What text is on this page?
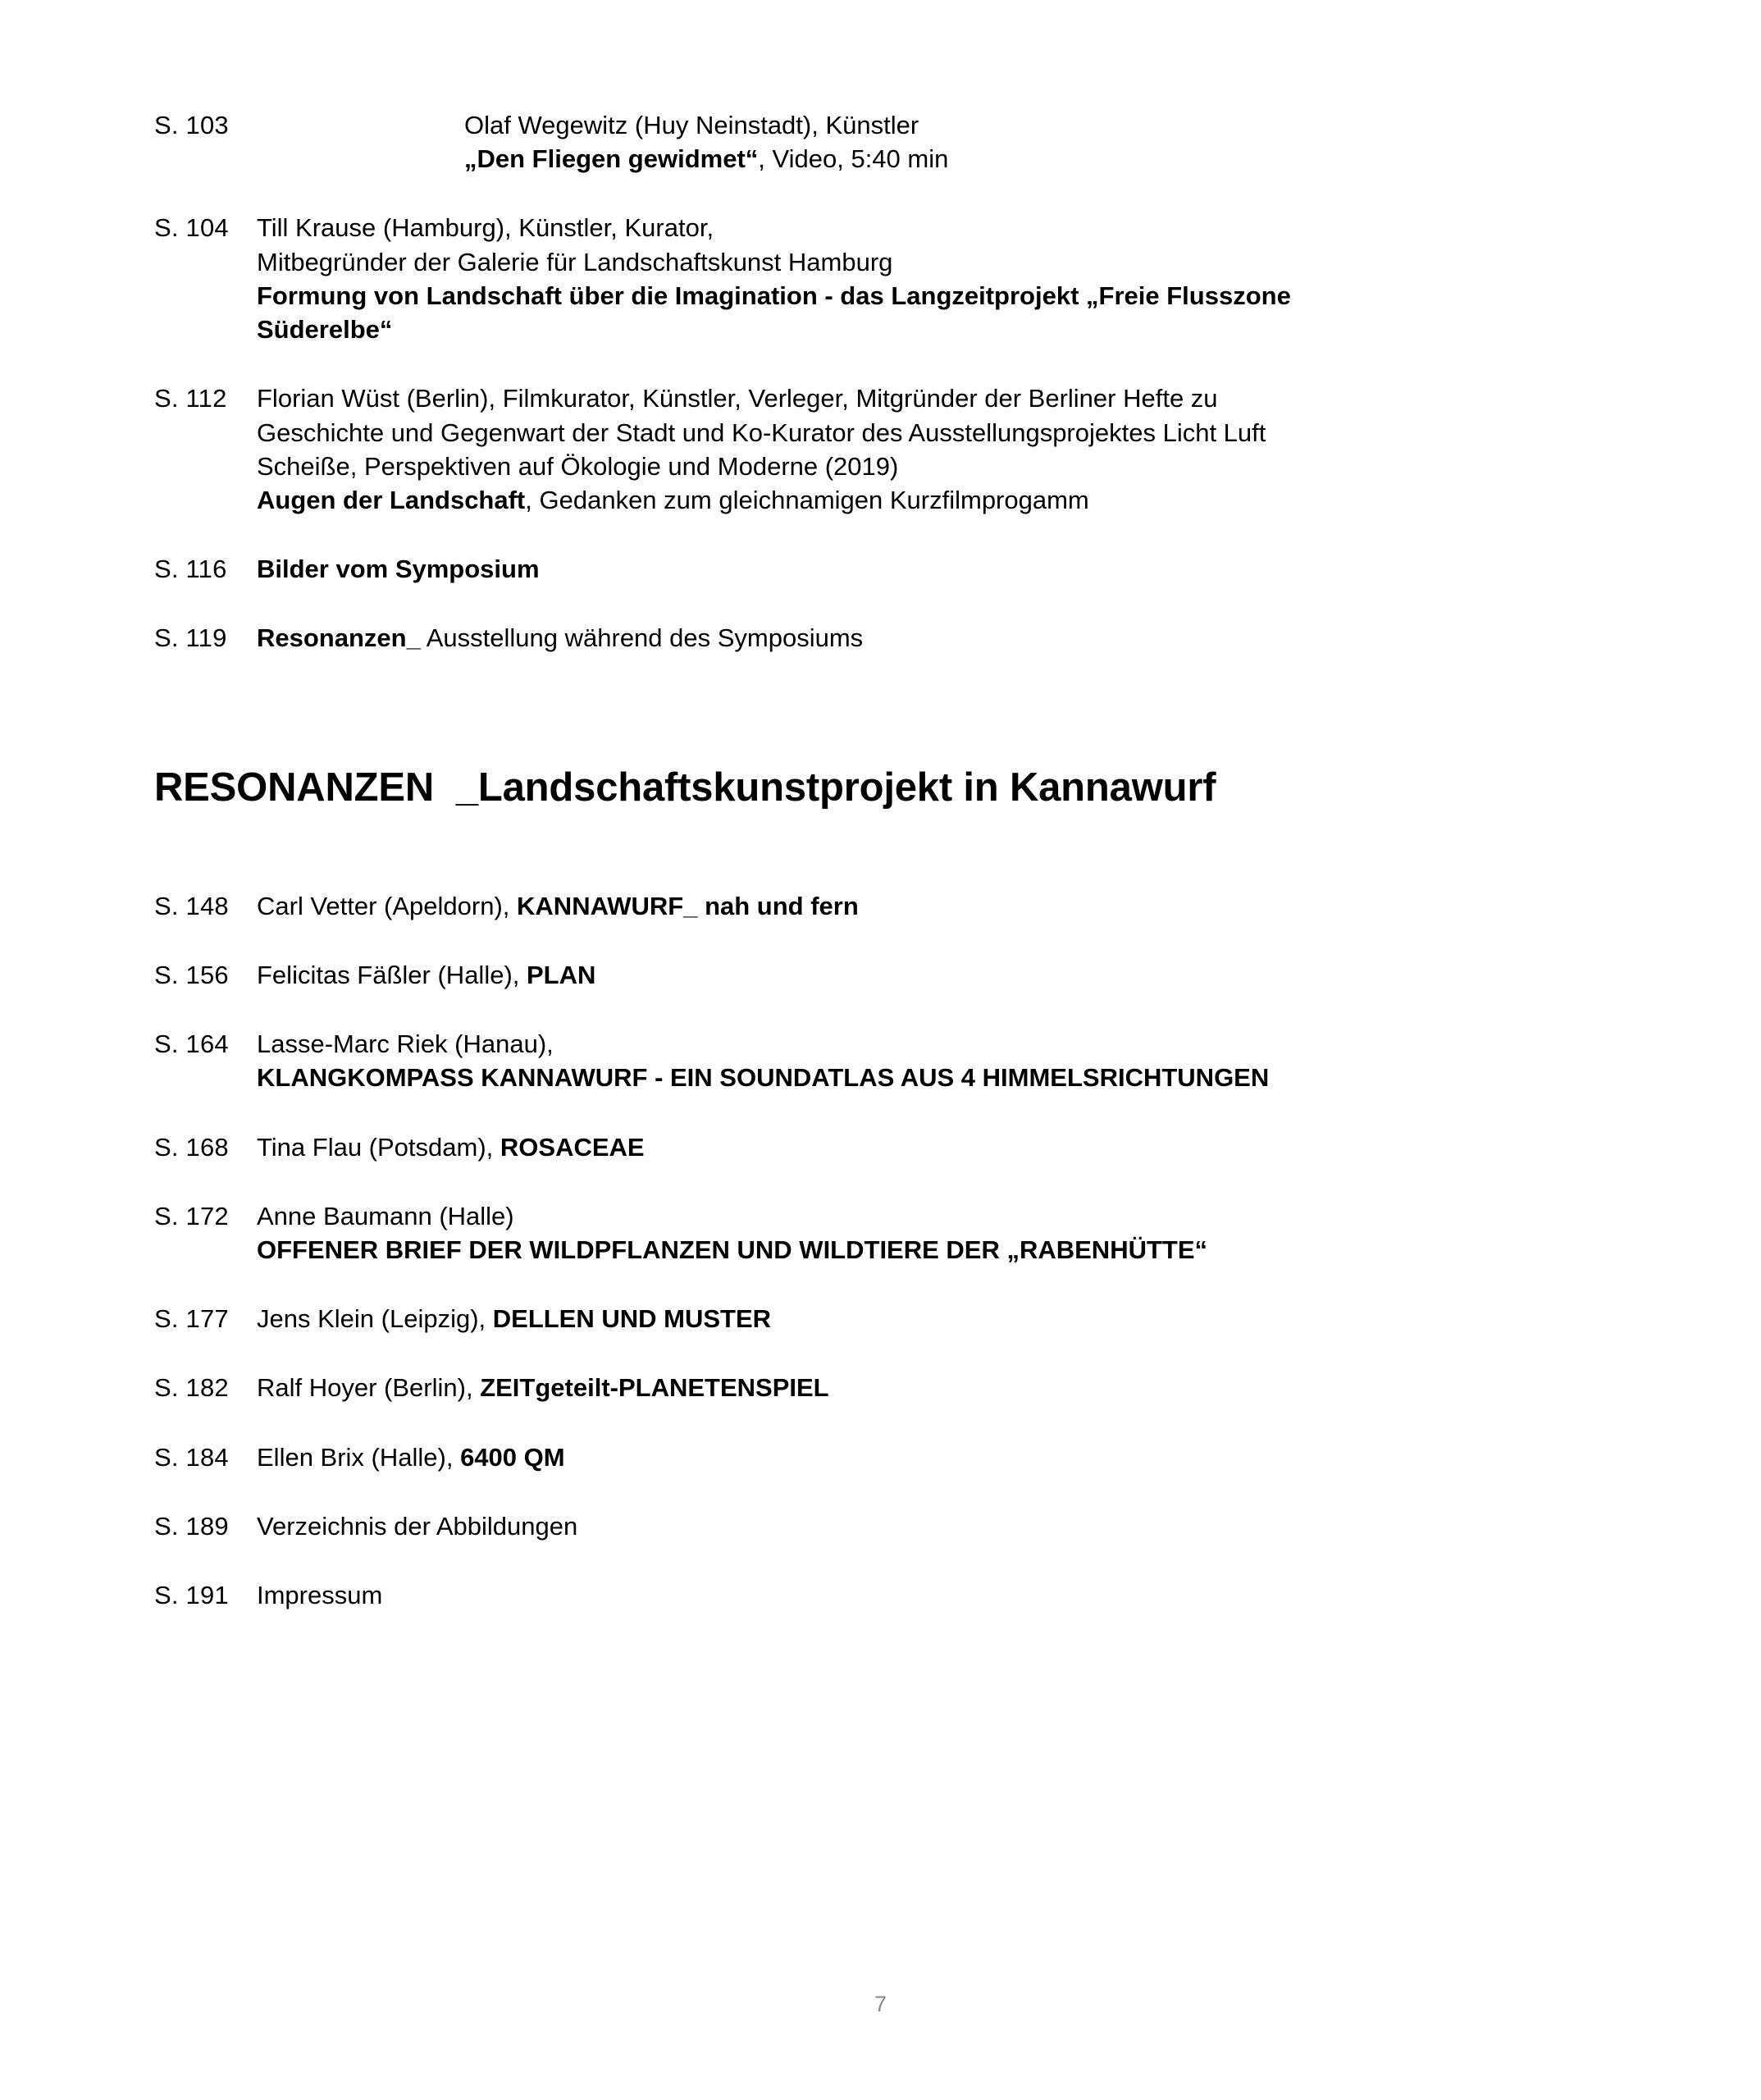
S. 103	Olaf Wegewitz (Huy Neinstadt), Künstler
„Den Fliegen gewidmet“, Video, 5:40 min
S. 104	Till Krause (Hamburg), Künstler, Kurator,
Mitbegründer der Galerie für Landschaftskunst Hamburg
Formung von Landschaft über die Imagination - das Langzeitprojekt „Freie Flusszone
Süderelbe“
S. 112	Florian Wüst (Berlin), Filmkurator, Künstler, Verleger, Mitgründer der Berliner Hefte zu
Geschichte und Gegenwart der Stadt und Ko-Kurator des Ausstellungsprojektes Licht Luft
Scheiße, Perspektiven auf Ökologie und Moderne (2019)
Augen der Landschaft, Gedanken zum gleichnamigen Kurzfilmprogamm
S. 116	Bilder vom Symposium
S. 119	Resonanzen_ Ausstellung während des Symposiums
RESONANZEN  _Landschaftskunstprojekt in Kannawurf
S. 148	Carl Vetter (Apeldorn), KANNAWURF_ nah und fern
S. 156	Felicitas Fäßler (Halle), PLAN
S. 164	Lasse-Marc Riek (Hanau),
KLANGKOMPASS KANNAWURF - EIN SOUNDATLAS AUS 4 HIMMELSRICHTUNGEN
S. 168	Tina Flau (Potsdam), ROSACEAE
S. 172	Anne Baumann (Halle)
OFFENER BRIEF DER WILDPFLANZEN UND WILDTIERE DER „RABENHÜTTE“
S. 177	Jens Klein (Leipzig), DELLEN UND MUSTER
S. 182	Ralf Hoyer (Berlin), ZEITgeteilt-PLANETENSPIEL
S. 184	Ellen Brix (Halle), 6400 QM
S. 189	Verzeichnis der Abbildungen
S. 191	Impressum
7
